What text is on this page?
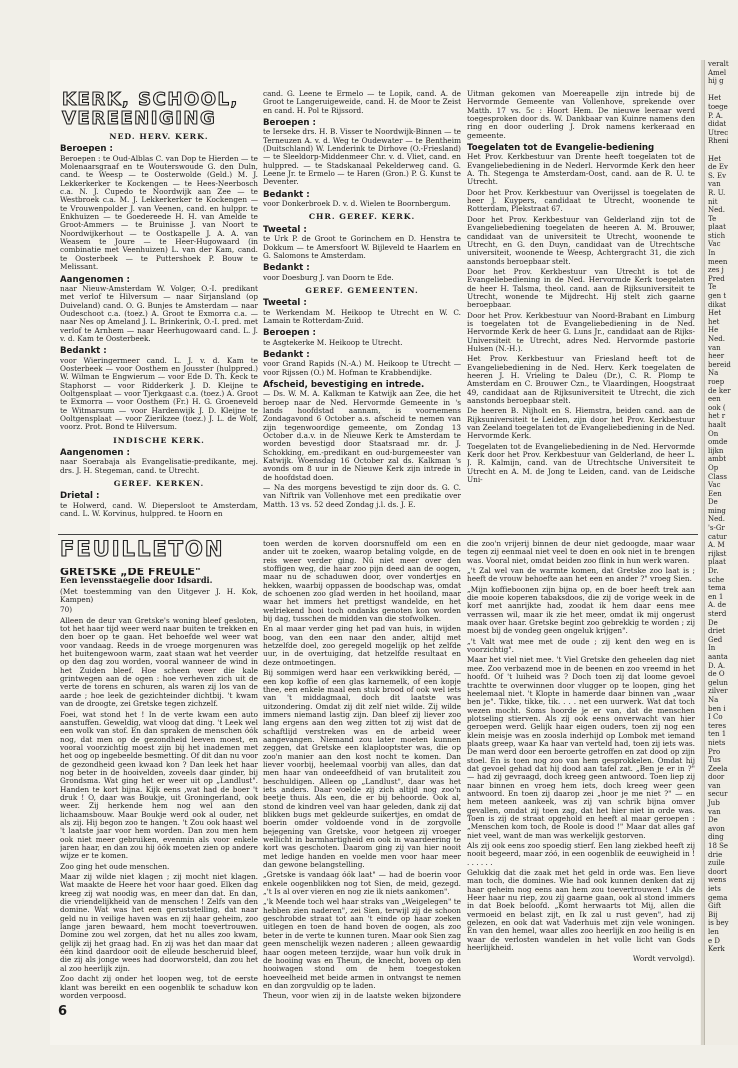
veralt

Amel

hij g

Het

toege

P. A.

didat

Utrec

Rheni

Het

de Ev

S. Ev

van

R. U.

nit

Ned.

Te

plaat

stich

Vac

In

meen

zes j

Pred

Te

gen t

dikat

Het

het

He

Ned.

van

heer

bereid

Na

roep

de ker

een

ook (

het r

haalt

On

omde

lijkn

ambt

Op

Class

Vac

Een

De

ming

Ned.

's-Gr

catur

A. M

rijkst

plaat

Dr.

sche

tema

en 1

A. de

sterd

De

driet

Ged

In

aanta

D. A.

de O

gelun

zilver

Na

ben i

I Co

teres

ten 1

niets

Pro

Tus

Zeela

door

van

secur

Jub

van

De

avon

ding

18 Se

drie

zuile

doort

wens

iets

gema

Gift

Bij

is bey

len

e D

Kerk

KERK, SCHOOL,
VEREENIGING
NED. HERV. KERK.
Beroepen :

Beroepen : te Oud-Alblas C. van Dop te Hierden — te Molenaarsgraaf en te Wouterswoude G. den Duln, cand. te Weesp — te Oosterwolde (Geld.) M. J. Lekkerkerker te Kockengen — te Hees-Neerbosch c.a. N. J. Cupedo te Noordwijk aan Zee — te Westbroek c.a. M. J. Lekkerkerker te Kockengen — te Vrouwenpolder J. van Veenen, cand. en hulppr. te Enkhuizen — te Goedereede H. H. van Amelde te Groot-Ammers — te Bruinisse J. van Noort te Noordwijkerhout — te Oostkapelle J. A. A. van Weasem te Joure — te Heer-Hugowaard (in combinatie met Veenhuizen) L. van der Kam, cand. te Oosterbeek — te Puttershoek P. Bouw te Melissant.

Aangenomen :

naar Nieuw-Amsterdam W. Volger, O.-I. predikant met verlof te Hilversum — naar Sirjansland (op Duiveland) cand. O. G. Bunjes te Amsterdam — naar Oudeschoot c.a. (toez.) A. Groot te Exmorra c.a. — naar Nes op Ameland J. L. Brinkerink, O.-I. pred. met verlof te Arnhem — naar Heerhugowaard cand. L. J. v. d. Kam te Oosterbeek.

Bedankt :

voor Wieringermeer cand. L. J. v. d. Kam te Oosterbeek — voor Oosthem en Jousster (hulppred.) W. Wilman te Engwierum — voor Ede D. Th. Keck te Staphorst — voor Ridderkerk J. D. Kleijne te Ooltgensplaat — voor Tjerkgaast c.a. (toez.) A. Groot te Exmorra — voor Oosthem (Fr.) H. G. Groeneveld te Witmarsum — voor Hardenwijk J. D. Kleijne te Ooltgensplaat — voor Zierikzee (toez.) J. L. de Wolf, voorz. Prot. Bond te Hilversum.

INDISCHE KERK.
Aangenomen :

naar Soerabaja als Evangelisatie-predikante, mej. drs. J. H. Stegeman, cand. te Utrecht.

GEREF. KERKEN.
Drietal :

te Holwerd, cand. W. Diepersloot te Amsterdam, cand. L. W. Korvinus, hulppred. te Hoorn en

cand. G. Leene te Ermelo — te Lopik, cand. A. de Groot te Langeruigeweide, cand. H. de Moor te Zeist en cand. H. Pol te Rijssord.

Beroepen :

te Ierseke drs. H. B. Visser te Noordwijk-Binnen — te Terneuzen A. v. d. Weg te Oudewater — te Bentheim (Duitschland) W. Lenderink te Dirhove (O.-Friesland) — te Sleeldorp-Middenmeer Chr. v. d. Vliet, cand. en hulppred. — te Stadskanaal Pekelderweg cand. G. Leene Jr. te Ermelo — te Haren (Gron.) P. G. Kunst te Deventer.

Bedankt :

voor Donkerbroek D. v. d. Wielen te Boornbergum.

CHR. GEREF. KERK.
Tweetal :

te Urk P. de Groot te Gorinchem en D. Henstra te Dokkum — te Amersfoort W. Bijleveld te Haarlem en G. Salomons te Amsterdam.

Bedankt :

voor Doesburg J. van Doorn te Ede.

GEREF. GEMEENTEN.
Tweetal :

te Werkendam M. Heikoop te Utrecht en W. C. Lamain te Rotterdam-Zuid.

Beroepen :

te Asgtekerke M. Heikoop te Utrecht.

Bedankt :

voor Grand Rapids (N.-A.) M. Heikoop te Utrecht — voor Rijssen (O.) M. Hofman te Krabbendijke.

Afscheid, bevestiging en intrede.

— Ds. W. M. A. Kalkman te Katwijk aan Zee, die het beroep naar de Ned. Hervormde Gemeente in 's lands hoofdstad aannam, is voornemens Zondagavond 6 October a.s. afscheid te nemen van zijn tegenwoordige gemeente, om Zondag 13 October d.a.v. in de Nieuwe Kerk te Amsterdam te worden bevestigd door Staatsraad mr. dr. J. Schokking, em.-predikant en oud-burgemeester van Katwijk. Woensdag 16 October zal ds. Kalkman 's avonds om 8 uur in de Nieuwe Kerk zijn intrede in de hoofdstad doen.

— Na des morgens bevestigd te zijn door ds. G. C. van Niftrik van Vollenhove met een predikatie over Matth. 13 vs. 52 deed Zondag j.l. ds. J. E.

Uitman gekomen van Moereapelle zijn intrede bij de Hervormde Gemeente van Vollenhove, sprekende over Matth. 17 vs. 5c : Hoort Hem. De nieuwe leeraar werd toegesproken door ds. W. Dankbaar van Kuinre namens den ring en door ouderling J. Drok namens kerkeraad en gemeente.

Toegelaten tot de Evangelie-bediening

Het Prov. Kerkbestuur van Drente heeft toegelaten tot de Evangeliebediening in de Nederl. Hervormde Kerk den heer A. Th. Stegenga te Amsterdam-Oost, cand. aan de R. U. te Utrecht.

Door het Prov. Kerkbestuur van Overijssel is toegelaten de heer J. Kuypers, candidaat te Utrecht, woonende te Rotterdam, Plekstraat 67.

Door het Prov. Kerkbestuur van Gelderland zijn tot de Evangeliebediening toegelaten de heeren A. M. Brouwer, candidaat van de universiteit te Utrecht, woonende te Utrecht, en G. den Duyn, candidaat van de Utrechtsche universiteit, woonende te Weesp, Achtergracht 31, die zich aanstonds beroepbaar stelt.

Door het Prov. Kerkbestuur van Utrecht is tot de Evangeliebediening in de Ned. Hervormde Kerk toegelaten de heer H. Talsma, theol. cand. aan de Rijksuniversiteit te Utrecht, wonende te Mijdrecht. Hij stelt zich gaarne beroepbaar.

Door het Prov. Kerkbestuur van Noord-Brabant en Limburg is toegelaten tot de Evangeliebediening in de Ned. Hervormde Kerk de heer G. Luns Jr., candidaat aan de Rijks-Universiteit te Utrecht, adres Ned. Hervormde pastorie Hulsen (N.-H.).

Het Prov. Kerkbestuur van Friesland heeft tot de Evangeliebediening in de Ned. Herv. Kerk toegelaten de heeren J. H. Vrieling te Daleu (Dr.), C. R. Plomp te Amsterdam en C. Brouwer Czn., te Vlaardingen, Hoogstraat 49, candidaat aan de Rijksuniversiteit te Utrecht, die zich aanstonds beroepbaar stelt.

De heeren B. Nijholt en S. Hiemstra, beiden cand. aan de Rijksuniversiteit te Leiden, zijn door het Prov. Kerkbestuur van Zeeland toegelaten tot de Evangeliebediening in de Ned. Hervormde Kerk.

Toegelaten tot de Evangeliebediening in de Ned. Hervormde Kerk door het Prov. Kerkbestuur van Gelderland, de heer L. J. R. Kalmijn, cand. van de Utrechtsche Universiteit te Utrecht en A. M. de Jong te Leiden, cand. van de Leidsche Uni-

FEUILLETON
GRETSKE „DE FREULE"
Een levensstaegelie door Idsardi.

(Met toestemming van den Uitgever J. H. Kok, Kampen)

70)

Alleen de deur van Gretske's woning bleef gesloten, tot het haar tijd weer werd naar buiten te trekken en den boer op te gaan. Het behoefde wel weer wat voor vandaag. Reeds in de vroege morgenuren was het buitengewoon warm, zaat staan wat het veerder op den dag zou worden, vooral wanneer de wind in het Zuiden bleef. Hoe scheen weer die kale grintwegen aan de ogen : hoe verheven zich uit de verte de torens en schuren, als waren zij los van de aarde ; hoe leek de gezichteinder dichtbij. 't kwam van de droogte, zei Gretske tegen zichzelf.

Foei, wat stond het ! In de verte kwam een auto aanstuffen. Geweldig, wat vloog dat ding. 't Leek wel een wolk van stof. En dan spraken de menschen óók nog, dat men op de gezondheid leeven moest, en vooral voorzichtig moest zijn bij het inademen met het oog op ingebeelde besmetting. Of dit dan nu voor de gezondheid geen kwaad kon ? Dan leek het haar nog beter in de hooivelden, zoveels daar ginder, bij Grondsma. Wat ging het er weer uit op „Landlust". Handen te kort bijna. Kijk eens ,wat had de boer 't druk ! O, daar was Boukje, uit Groningerland, ook weer. Zij herkende hem nog wel aan den lichaamsbouw. Maar Boukje werd ook al ouder, net als zij. Hij begon zoo te hangen. 't Zou ook haast wel 't laatste jaar voor hem worden. Dan zou men hem ook niet meer gebruiken, evenmin als voor enkele jaren haar, en dan zou hij óók moeten zien op andere wijze er te komen.

Zoo ging het oude menschen.

Maar zij wilde niet klagen ; zij mocht niet klagen. Wat maakte de Heere het voor haar goed. Elken dag kreeg zij wat noodig was, en meer dan dat. En dan, die vriendelijkheid van de menschen ! Zelfs van den domine. Wat was het een geruststelling, dat naar geld nu in veilige haven was en zij haar geheim, zoo lange jaren bewaard, hem mocht toevertrouwen. Domine zou wel zorgen, dat het nu alles zoo kwam, gelijk zij het graag had. En zij was het dan maar dat één kind daardoor ooit de elleude bescheruid bleef, die zij als jonge wees had doorworsteld, dan zou het al zoo heerlijk zijn.

Zoo dacht zij onder het loopen weg, tot de eerste klant was bereikt en een oogenblik te schaduw kon worden verpoosd.

toen werden de korven doorsnuffeld om een en ander uit te zoeken, waarop betaling volgde, en de reis weer verder ging. Nú niet meer over den stoffigen weg, die haar zoo pijn deed aan de oogen, maar nu de schaduwen door, over vondertjes en hekken, waarbij oppassen de boodschap was, omdat de schoenen zoo glad werden in het hooiland, maar waar het immers het prettigst wandelde, en het welriekend hooi toch ondanks genoten kon worden bij dag, tusschen de midden van die stofwolken.

En al maar verder ging het pad van huis, in wijden boog, van den een naar den ander, altijd met hetzelfde doel, zoo geregeld mogelijk op het zelfde uur, in de overtuiging, dat hetzelfde resultaat en deze ontmoetingen.

Bij sommigen werd haar een verkwikking beréd, — een kop koffie of een glas karnemelk, of een kopje thee, een enkele maal een stuk brood of ook wel iets van 't middagmaal, doch dit laatste was uitzondering. Omdat zij dit zelf niet wilde. Zij wilde immers niemand lastig zijn. Dan bleef zij liever zoo lang ergens aan den weg zitten tot zij wist dat de schaftlijd verstreken was en de arbeid weer aangevangen. Niemand zou later moeten kunnen zeggen, dat Gretske een klaplooptster was, die op zoo'n manier aan den kost nocht te komen. Dan liever voorbij, heelemaal voorbij van alles, dan dat men haar van ondeeefdheid of van brutaliteit zou beschuldigen. Alleen op „Landlust", daar was het iets anders. Daar voelde zij zich altijd nog zoo'n beetje thuis. Als een, die er bij behoorde. Ook al, stond de kindren veel van haar geleden, dank zij dat blikken bugs met gekleurde suikertjes, en omdat de boerin omder voldoende vond in de zorgvolle bejegening van Gretske, voor hetgeen zij vroeger wellicht in barmhartigheid en ook in waardeering te kort was geschoten. Daarom ging zij van hier nooit met ledige handen en voelde men voor haar meer dan gewone belangstelling.

„Gretske is vandaag óók laat" — had de boerin voor enkele oogenblikken nog tot Sien, de meid, gezegd. „'t Is al over vieren en nog zie ik niets aankomen".

„'k Meende toch wel haar straks van „Weigelegen" te hebben zien naderen", zei Sien, terwijl zij de schoon geschrobde straat tot aan 't einde op haar zoeken uitlegen en toen de hand boven de oogen, als zoo beter in de verte te kunnen turen. Maar ook Sien zag geen menschelijk wezen naderen ; alleen gewaardig haar oogen meteen terzijde, waar hun volk druk in de hooiing was en Theun, de knecht, boven op den hooiwagen stond om de hem toegestoken hoeveelheid met beide armen in ontvangst te nemen en dan zorgvuldig op te laden.

Theun, voor wien zij in de laatste weken bijzondere

die zoo'n vrijerij binnen de deur niet gedoogde, maar waar tegen zij eenmaal niet veel te doen en ook niet in te brengen was. Vooral niet, omdat beiden zoo flink in hun werk waren.

„'t Zal wel van de warmte komen, dat Gretske zoo laat is ; heeft de vrouw behoefte aan het een en ander ?" vroeg Sien.

„Mijn koffieboonen zijn bijna op, en de boer heeft trek aan die mooie koperen tabaksdoos, die zij de vorige week in de korf met aanrijkte had, zoodat ik hem daar eens mee verrassen wil, maar ik zie het meer, omdat ik mij ongerust maak over haar. Gretske begint zoo gebrekkig te worden ; zij moest bij de vondeg geen ongeluk krijgen".

„'t Valt wat mee met de oude ; zij kent den weg en is voorzichtig".

Maar het viel niet mee. 't Viel Gretske den geheelen dag niet mee. Zoo verbazend moe in de beenen en zoo vreemd in het hoofd. Of 't luiheid was ? Doch toen zij dat loome gevoel trachtte te overwinnen door vlugger op te loopen, ging het heelemaal niet. 't Klopte in hamerde daar binnen van „waar ben je". Tikke, tikke, tik. . . . net een uurwerk. Wat dat toch wezen mocht. Soms hoorde je er van, dat de menschen plotseling stierven. Als zij ook eens onverwacht van hier geroepen werd. Gelijk haar eigen ouders, toen zij nog een klein meisje was en zoosla inderhijd op Lombok met iemand plaats greep, waar Ka haar van verteld had, toen zij iets was. De man werd door een beroerte getroffen en zat dood op zijn stoel. En is toen nog zoo van hem gesprokkelen. Omdat hij dat gevoel gehad dat hij dood aan tafel zat. „Ben je er in ?" — had zij gevraagd, doch kreeg geen antwoord. Toen liep zij naar binnen en vroeg hem iets, doch kreeg weer geen antwoord. En toen zij daarop zei „hoor je me niet ?" — en hem meteen aankeek, was zij van schrik bijna omver gevallen, omdat zij toen zag, dat het hier niet in orde was. Toen is zij de straat opgehold en heeft al maar geroepen : „Menschen kom toch, de Roole is dood !" Maar dat alles gaf niet veel, want de man was werkelijk gestorven.

Als zij ook eens zoo spoedig stierf. Een lang ziekbed heeft zij nooit begeerd, maar zóó, in een oogenblik de eeuwigheid in ! . . . . . .

Gelukkig dat die zaak met het geld in orde was. Een lieve man toch, die domines. Wie had ook kunnen denken dat zij haar geheim nog eens aan hem zou toevertrouwen ! Als de Heer haar nu riep, zou zij gaarne gaan, ook al stond immers in dat Boek beloofd. „Komt herwaarts tot Mij, allen die vermoeid en belast zijt, en Ik zal u rust geven", had zij gelezen, en ook dat wat Vaderhuis met zijn vele woningen. En van den hemel, waar alles zoo heerlijk en zoo heilig is en waar de verlosten wandelen in het volle licht van Gods heerlijkheid.

Wordt vervolgd).

6
